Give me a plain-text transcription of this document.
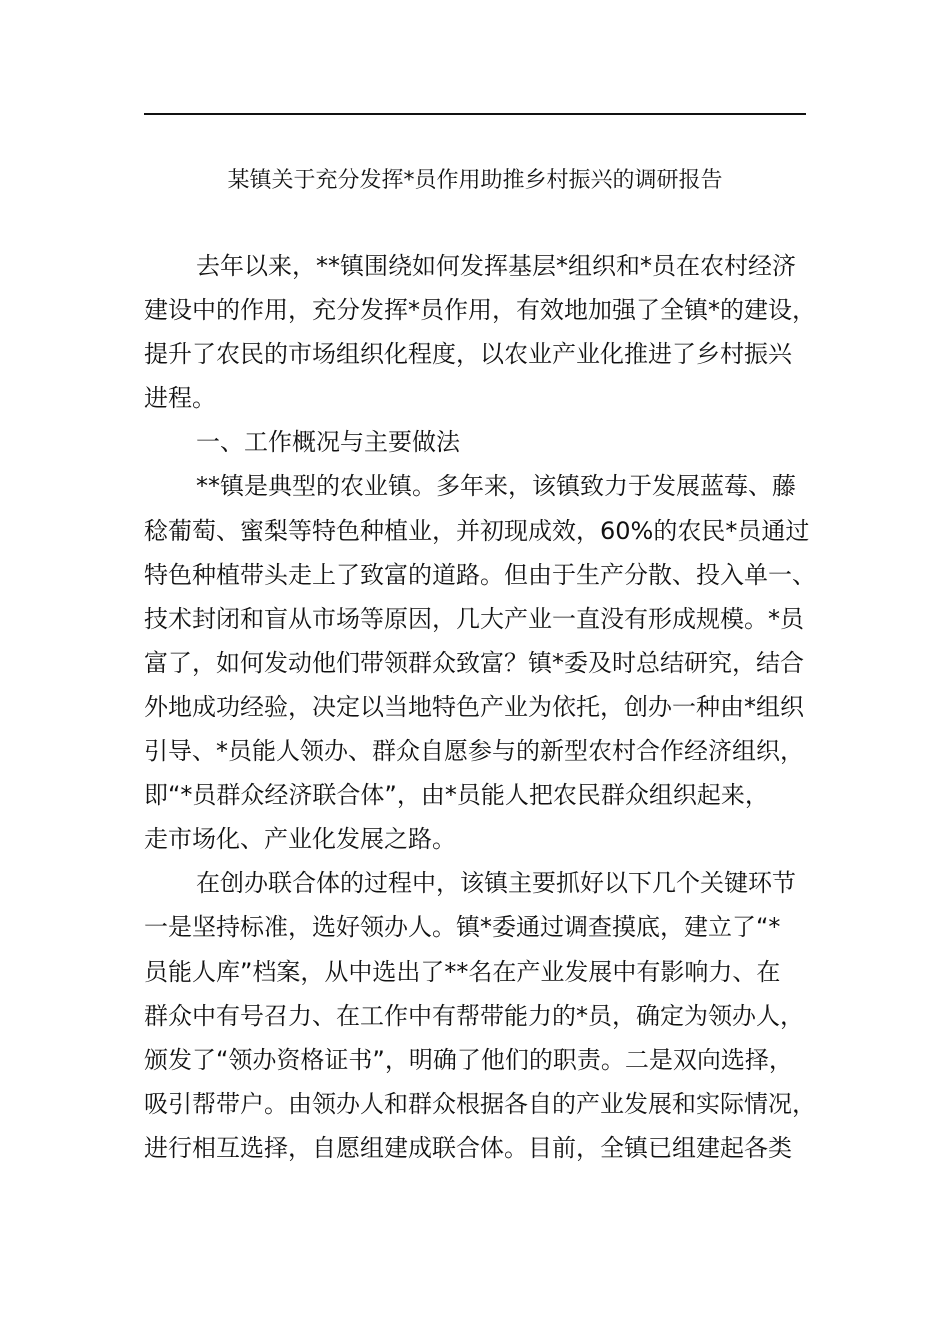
某镇关于充分发挥*员作用助推乡村振兴的调研报告
去年以来，**镇围绕如何发挥基层*组织和*员在农村经济
建设中的作用，充分发挥*员作用，有效地加强了全镇*的建设，
提升了农民的市场组织化程度，以农业产业化推进了乡村振兴
进程。
一、工作概况与主要做法
**镇是典型的农业镇。多年来，该镇致力于发展蓝莓、藤
稔葡萄、蜜梨等特色种植业，并初现成效，60%的农民*员通过
特色种植带头走上了致富的道路。但由于生产分散、投入单一、
技术封闭和盲从市场等原因，几大产业一直没有形成规模。*员
富了，如何发动他们带领群众致富？镇*委及时总结研究，结合
外地成功经验，决定以当地特色产业为依托，创办一种由*组织
引导、*员能人领办、群众自愿参与的新型农村合作经济组织，
即“*员群众经济联合体”，由*员能人把农民群众组织起来，
走市场化、产业化发展之路。
在创办联合体的过程中，该镇主要抓好以下几个关键环节
一是坚持标准，选好领办人。镇*委通过调查摸底，建立了“*
员能人库”档案，从中选出了**名在产业发展中有影响力、在
群众中有号召力、在工作中有帮带能力的*员，确定为领办人，
颁发了“领办资格证书”，明确了他们的职责。二是双向选择，
吸引帮带户。由领办人和群众根据各自的产业发展和实际情况，
进行相互选择，自愿组建成联合体。目前，全镇已组建起各类
